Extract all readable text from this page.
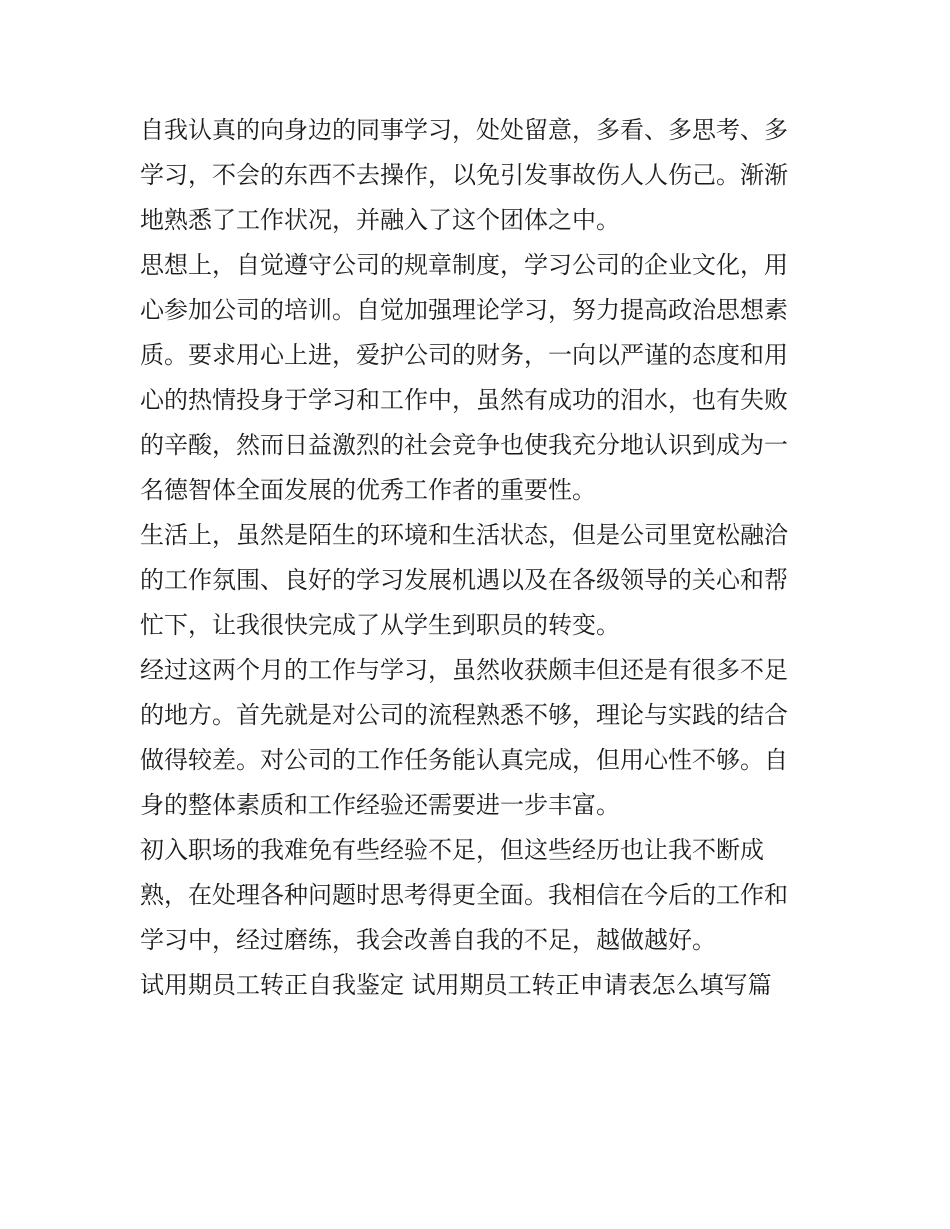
自我认真的向身边的同事学习，处处留意，多看、多思考、多
学习，不会的东西不去操作，以免引发事故伤人人伤己。渐渐
地熟悉了工作状况，并融入了这个团体之中。
思想上，自觉遵守公司的规章制度，学习公司的企业文化，用
心参加公司的培训。自觉加强理论学习，努力提高政治思想素
质。要求用心上进，爱护公司的财务，一向以严谨的态度和用
心的热情投身于学习和工作中，虽然有成功的泪水，也有失败
的辛酸，然而日益激烈的社会竞争也使我充分地认识到成为一
名德智体全面发展的优秀工作者的重要性。
生活上，虽然是陌生的环境和生活状态，但是公司里宽松融洽
的工作氛围、良好的学习发展机遇以及在各级领导的关心和帮
忙下，让我很快完成了从学生到职员的转变。
经过这两个月的工作与学习，虽然收获颇丰但还是有很多不足
的地方。首先就是对公司的流程熟悉不够，理论与实践的结合
做得较差。对公司的工作任务能认真完成，但用心性不够。自
身的整体素质和工作经验还需要进一步丰富。
初入职场的我难免有些经验不足，但这些经历也让我不断成
熟，在处理各种问题时思考得更全面。我相信在今后的工作和
学习中，经过磨练，我会改善自我的不足，越做越好。
试用期员工转正自我鉴定 试用期员工转正申请表怎么填写篇
